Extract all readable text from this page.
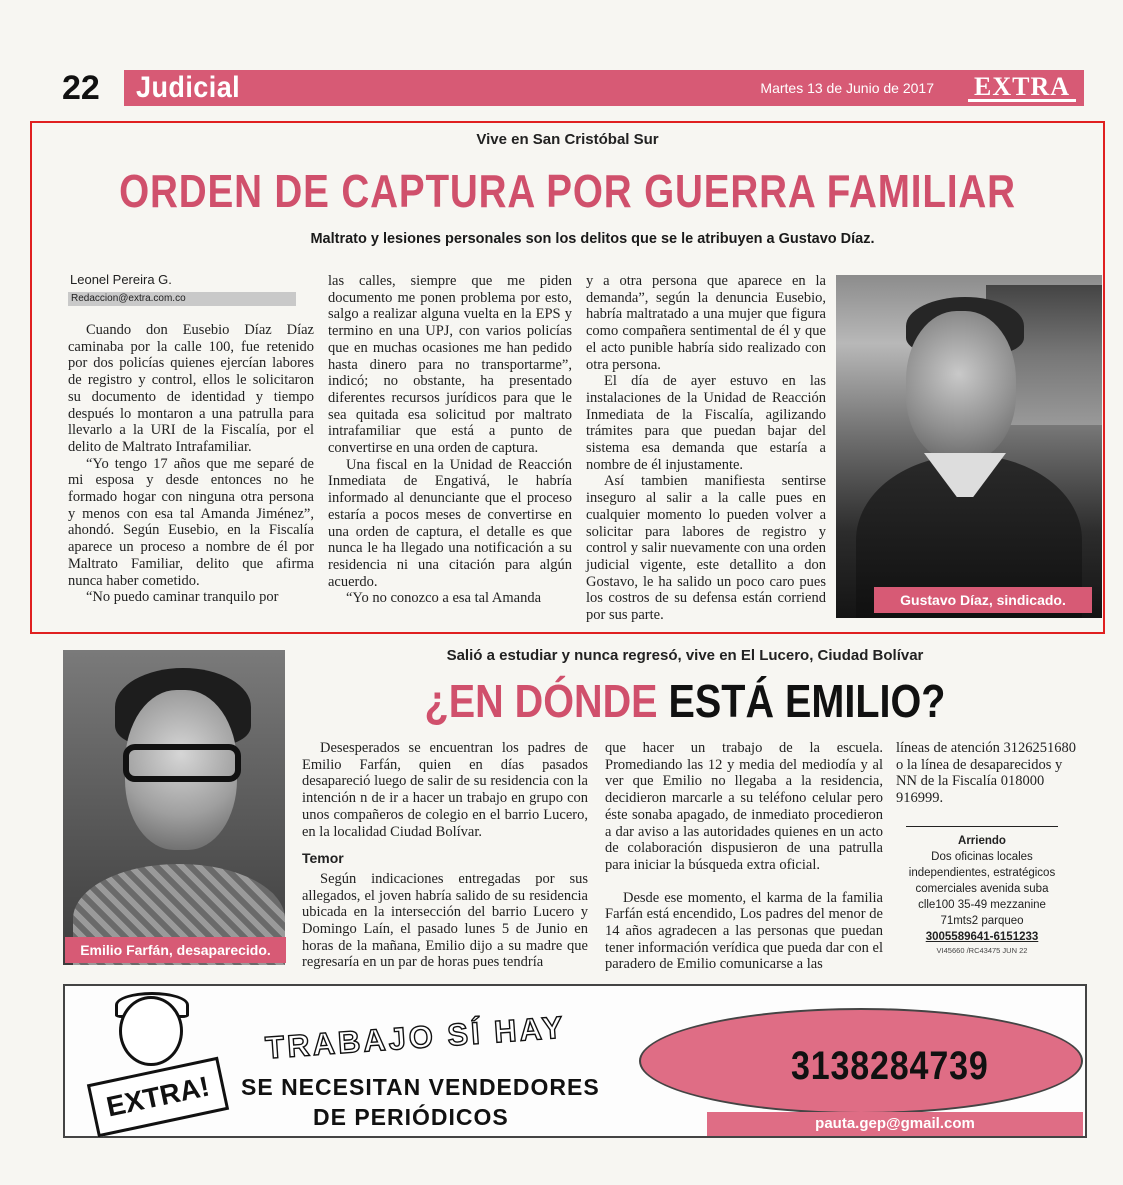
22	Judicial	Martes 13 de Junio de 2017 EXTRA
Vive en San Cristóbal Sur
ORDEN DE CAPTURA POR GUERRA FAMILIAR
Maltrato y lesiones personales son los delitos que se le atribuyen a Gustavo Díaz.
Leonel Pereira G.
Redaccion@extra.com.co

Cuando don Eusebio Díaz Díaz caminaba por la calle 100, fue retenido por dos policías quienes ejercían labores de registro y control, ellos le solicitaron su documento de identidad y tiempo después lo montaron a una patrulla para llevarlo a la URI de la Fiscalía, por el delito de Maltrato Intrafamiliar.

“Yo tengo 17 años que me separé de mi esposa y desde entonces no he formado hogar con ninguna otra persona y menos con esa tal Amanda Jiménez”, ahondó. Según Eusebio, en la Fiscalía aparece un proceso a nombre de él por Maltrato Familiar, delito que afirma nunca haber cometido.

“No puedo caminar tranquilo por

las calles, siempre que me piden documento me ponen problema por esto, salgo a realizar alguna vuelta en la EPS y termino en una UPJ, con varios policías que en muchas ocasiones me han pedido hasta dinero para no transportarme”, indicó; no obstante, ha presentado diferentes recursos jurídicos para que le sea quitada esa solicitud por maltrato intrafamiliar que está a punto de convertirse en una orden de captura.

Una fiscal en la Unidad de Reacción Inmediata de Engativá, le habría informado al denunciante que el proceso estaría a pocos meses de convertirse en una orden de captura, el detalle es que nunca le ha llegado una notificación a su residencia ni una citación para algún acuerdo.

“Yo no conozco a esa tal Amanda

y a otra persona que aparece en la demanda”, según la denuncia Eusebio, habría maltratado a una mujer que figura como compañera sentimental de él y que el acto punible habría sido realizado con otra persona.

El día de ayer estuvo en las instalaciones de la Unidad de Reacción Inmediata de la Fiscalía, agilizando trámites para que puedan bajar del sistema esa demanda que estaría a nombre de él injustamente.

Así tambien manifiesta sentirse inseguro al salir a la calle pues en cualquier momento lo pueden volver a solicitar para labores de registro y control y salir nuevamente con una orden judicial vigente, este detallito a don Gostavo, le ha salido un poco caro pues los costros de su defensa están corriend por sus parte.

Gustavo Díaz, sindicado.
Emilio Farfán, desaparecido.
Salió a estudiar y nunca regresó, vive en El Lucero, Ciudad Bolívar
¿EN DÓNDE ESTÁ EMILIO?

Desesperados se encuentran los padres de Emilio Farfán, quien en días pasados desapareció luego de salir de su residencia con la intención n de ir a hacer un trabajo en grupo con unos compañeros de colegio en el barrio Lucero, en la localidad Ciudad Bolívar.

Temor

Según indicaciones entregadas por sus allegados, el joven habría salido de su residencia ubicada en la intersección del barrio Lucero y Domingo Laín, el pasado lunes 5 de Junio en horas de la mañana, Emilio dijo a su madre que regresaría en un par de horas pues tendría

que hacer un trabajo de la escuela. Promediando las 12 y media del mediodía y al ver que Emilio no llegaba a la residencia, decidieron marcarle a su teléfono celular pero éste sonaba apagado, de inmediato procedieron a dar aviso a las autoridades quienes en un acto de colaboración dispusieron de una patrulla para iniciar la búsqueda extra oficial.

Desde ese momento, el karma de la familia Farfán está encendido, Los padres del menor de 14 años agradecen a las personas que puedan tener información verídica que pueda dar con el paradero de Emilio comunicarse a las

líneas de atención 3126251680 o la línea de desaparecidos y NN de la Fiscalía 018000 916999.

Arriendo
Dos oficinas locales independientes, estratégicos comerciales avenida suba clle100 35-49 mezzanine 71mts2 parqueo
3005589641-6151233
VI45660 /RC43475 JUN 22
EXTRA!
TRABAJO SÍ HAY
SE NECESITAN VENDEDORES
DE PERIÓDICOS
3138284739
pauta.gep@gmail.com
